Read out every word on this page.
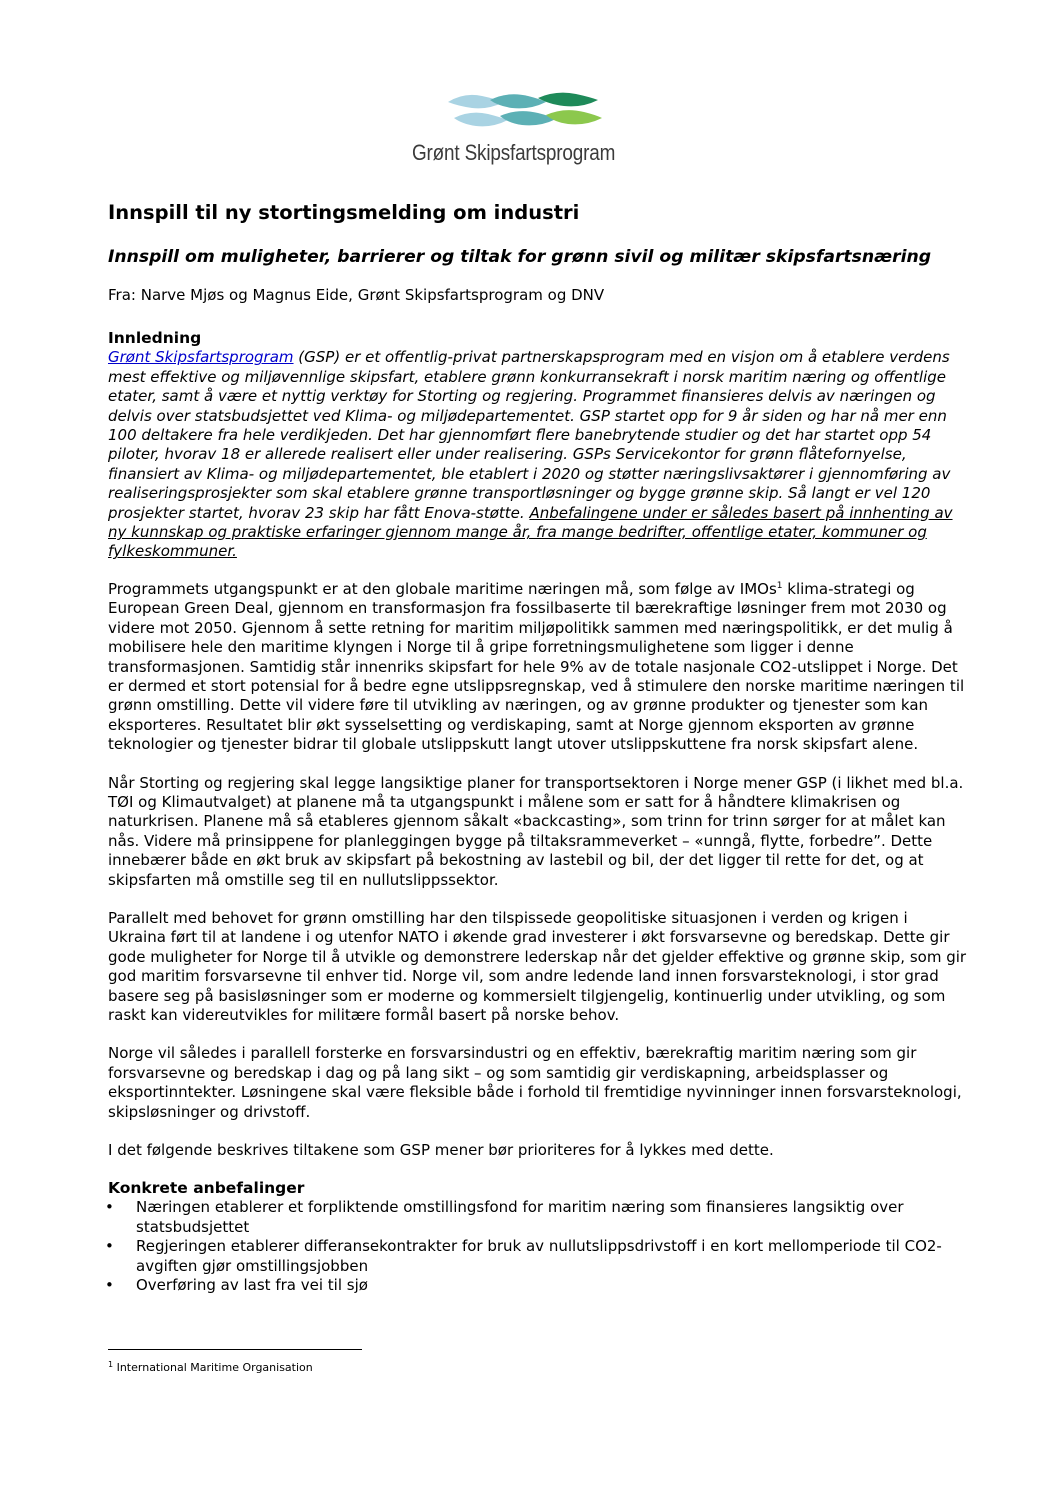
Grønt Skipsfartsprogram
Innspill til ny stortingsmelding om industri
Innspill om muligheter, barrierer og tiltak for grønn sivil og militær skipsfartsnæring

Fra: Narve Mjøs og Magnus Eide, Grønt Skipsfartsprogram og DNV

Innledning

Grønt Skipsfartsprogram (GSP) er et offentlig-privat partnerskapsprogram med en visjon om å etablere verdens mest effektive og miljøvennlige skipsfart, etablere grønn konkurransekraft i norsk maritim næring og offentlige etater, samt å være et nyttig verktøy for Storting og regjering. Programmet finansieres delvis av næringen og delvis over statsbudsjettet ved Klima- og miljødepartementet. GSP startet opp for 9 år siden og har nå mer enn 100 deltakere fra hele verdikjeden. Det har gjennomført flere banebrytende studier og det har startet opp 54 piloter, hvorav 18 er allerede realisert eller under realisering. GSPs Servicekontor for grønn flåtefornyelse, finansiert av Klima- og miljødepartementet, ble etablert i 2020 og støtter næringslivsaktører i gjennomføring av realiseringsprosjekter som skal etablere grønne transportløsninger og bygge grønne skip. Så langt er vel 120 prosjekter startet, hvorav 23 skip har fått Enova-støtte. Anbefalingene under er således basert på innhenting av ny kunnskap og praktiske erfaringer gjennom mange år, fra mange bedrifter, offentlige etater, kommuner og fylkeskommuner.

Programmets utgangspunkt er at den globale maritime næringen må, som følge av IMOs$^1$ klima-strategi og European Green Deal, gjennom en transformasjon fra fossilbaserte til bærekraftige løsninger frem mot 2030 og videre mot 2050. Gjennom å sette retning for maritim miljøpolitikk sammen med næringspolitikk, er det mulig å mobilisere hele den maritime klyngen i Norge til å gripe forretningsmulighetene som ligger i denne transformasjonen. Samtidig står innenriks skipsfart for hele 9% av de totale nasjonale CO2-utslippet i Norge. Det er dermed et stort potensial for å bedre egne utslippsregnskap, ved å stimulere den norske maritime næringen til grønn omstilling. Dette vil videre føre til utvikling av næringen, og av grønne produkter og tjenester som kan eksporteres. Resultatet blir økt sysselsetting og verdiskaping, samt at Norge gjennom eksporten av grønne teknologier og tjenester bidrar til globale utslippskutt langt utover utslippskuttene fra norsk skipsfart alene.

Når Storting og regjering skal legge langsiktige planer for transportsektoren i Norge mener GSP (i likhet med bl.a. TØI og Klimautvalget) at planene må ta utgangspunkt i målene som er satt for å håndtere klimakrisen og naturkrisen. Planene må så etableres gjennom såkalt «backcasting», som trinn for trinn sørger for at målet kan nås. Videre må prinsippene for planleggingen bygge på tiltaksrammeverket – «unngå, flytte, forbedre”. Dette innebærer både en økt bruk av skipsfart på bekostning av lastebil og bil, der det ligger til rette for det, og at skipsfarten må omstille seg til en nullutslippssektor.

Parallelt med behovet for grønn omstilling har den tilspissede geopolitiske situasjonen i verden og krigen i Ukraina ført til at landene i og utenfor NATO i økende grad investerer i økt forsvarsevne og beredskap. Dette gir gode muligheter for Norge til å utvikle og demonstrere lederskap når det gjelder effektive og grønne skip, som gir god maritim forsvarsevne til enhver tid. Norge vil, som andre ledende land innen forsvarsteknologi, i stor grad basere seg på basisløsninger som er moderne og kommersielt tilgjengelig, kontinuerlig under utvikling, og som raskt kan videreutvikles for militære formål basert på norske behov.

Norge vil således i parallell forsterke en forsvarsindustri og en effektiv, bærekraftig maritim næring som gir forsvarsevne og beredskap i dag og på lang sikt – og som samtidig gir verdiskapning, arbeidsplasser og eksportinntekter. Løsningene skal være fleksible både i forhold til fremtidige nyvinninger innen forsvarsteknologi, skipsløsninger og drivstoff.

I det følgende beskrives tiltakene som GSP mener bør prioriteres for å lykkes med dette.

Konkrete anbefalinger
• Næringen etablerer et forpliktende omstillingsfond for maritim næring som finansieres langsiktig over statsbudsjettet
• Regjeringen etablerer differansekontrakter for bruk av nullutslippsdrivstoff i en kort mellomperiode til CO2-avgiften gjør omstillingsjobben
• Overføring av last fra vei til sjø
$^1$ International Maritime Organisation
